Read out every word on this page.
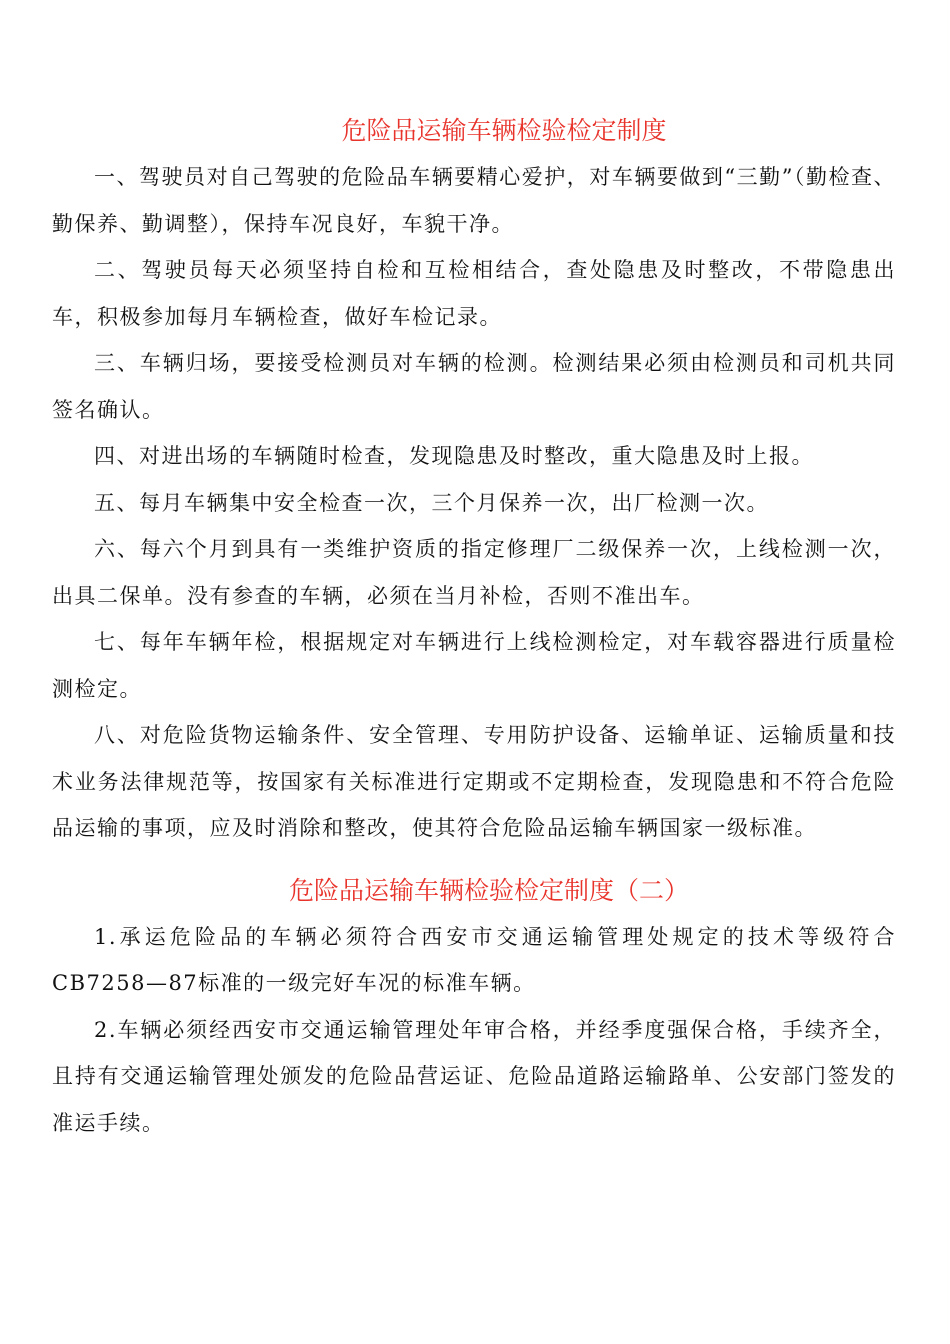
危险品运输车辆检验检定制度

一、驾驶员对自己驾驶的危险品车辆要精心爱护，对车辆要做到“三勤”（勤检查、勤保养、勤调整），保持车况良好，车貌干净。

二、驾驶员每天必须坚持自检和互检相结合，查处隐患及时整改，不带隐患出车，积极参加每月车辆检查，做好车检记录。

三、车辆归场，要接受检测员对车辆的检测。检测结果必须由检测员和司机共同签名确认。

四、对进出场的车辆随时检查，发现隐患及时整改，重大隐患及时上报。

五、每月车辆集中安全检查一次，三个月保养一次，出厂检测一次。

六、每六个月到具有一类维护资质的指定修理厂二级保养一次，上线检测一次，出具二保单。没有参查的车辆，必须在当月补检，否则不准出车。

七、每年车辆年检，根据规定对车辆进行上线检测检定，对车载容器进行质量检测检定。

八、对危险货物运输条件、安全管理、专用防护设备、运输单证、运输质量和技术业务法律规范等，按国家有关标准进行定期或不定期检查，发现隐患和不符合危险品运输的事项，应及时消除和整改，使其符合危险品运输车辆国家一级标准。

危险品运输车辆检验检定制度（二）

1.承运危险品的车辆必须符合西安市交通运输管理处规定的技术等级符合CB7258—87标准的一级完好车况的标准车辆。

2.车辆必须经西安市交通运输管理处年审合格，并经季度强保合格，手续齐全，且持有交通运输管理处颁发的危险品营运证、危险品道路运输路单、公安部门签发的准运手续。
